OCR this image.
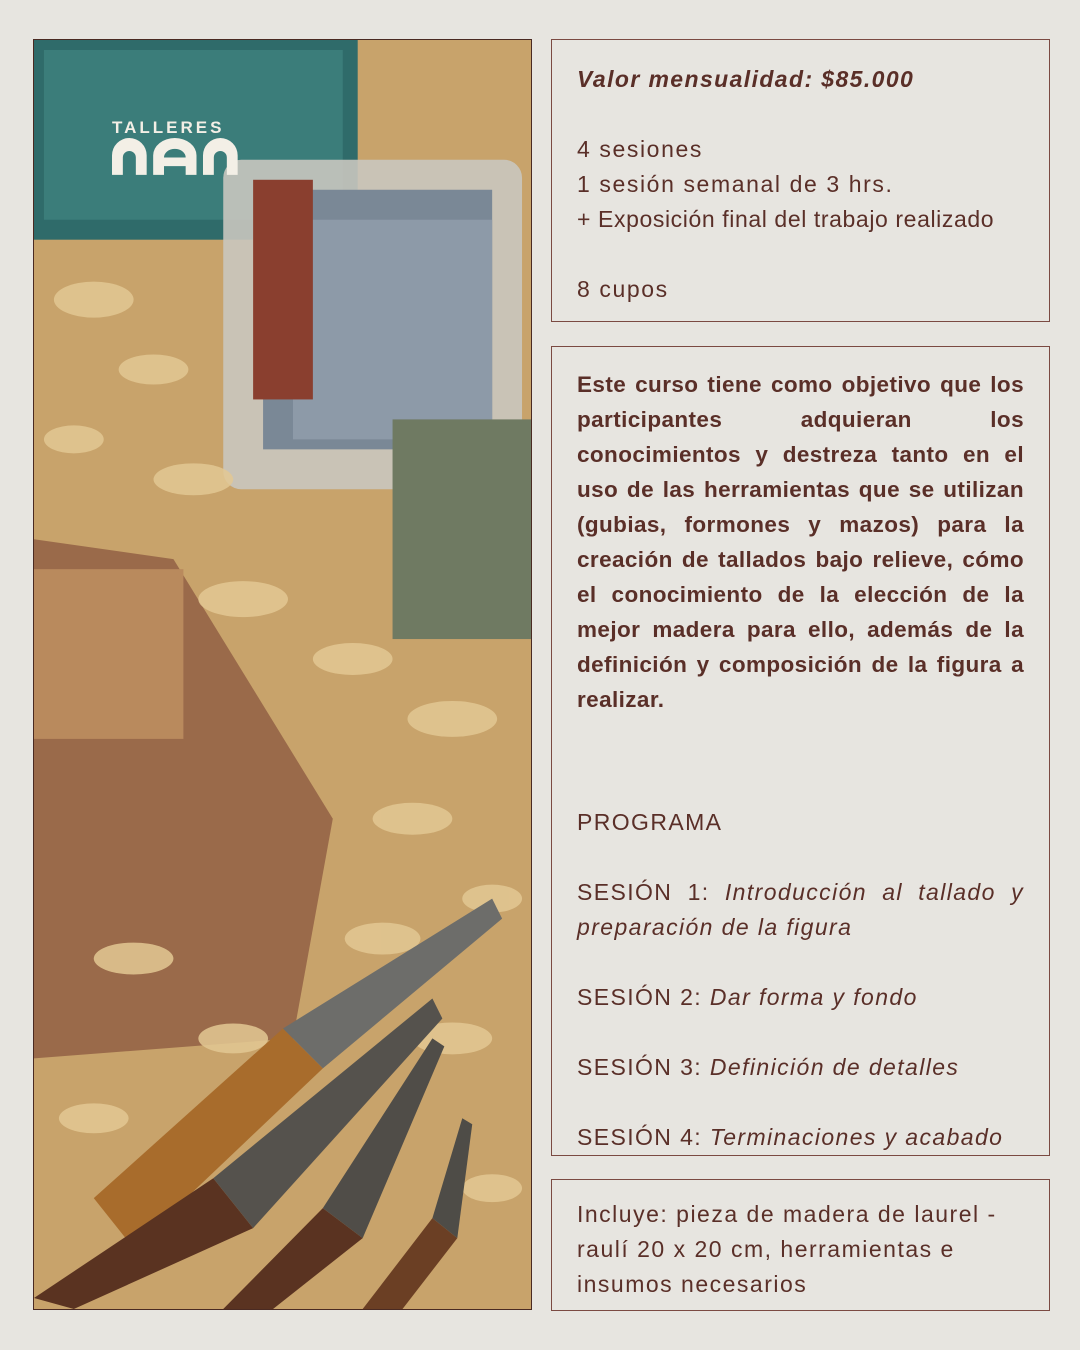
TALLERES
Valor mensualidad: $85.000
4 sesiones
1 sesión semanal de 3 hrs.
+ Exposición final del trabajo realizado
8 cupos
Este curso tiene como objetivo que los participantes adquieran los conocimientos y destreza tanto en el uso de las herramientas que se utilizan (gubias, formones y mazos) para la creación de tallados bajo relieve, cómo el conocimiento de la elección de la mejor madera para ello, además de la definición y composición de la figura a realizar.
PROGRAMA
SESIÓN 1: Introducción al tallado y preparación de la figura
SESIÓN 2: Dar forma y fondo
SESIÓN 3: Definición de detalles
SESIÓN 4: Terminaciones y acabado
Incluye: pieza de madera de laurel - raulí 20 x 20 cm, herramientas e insumos necesarios
